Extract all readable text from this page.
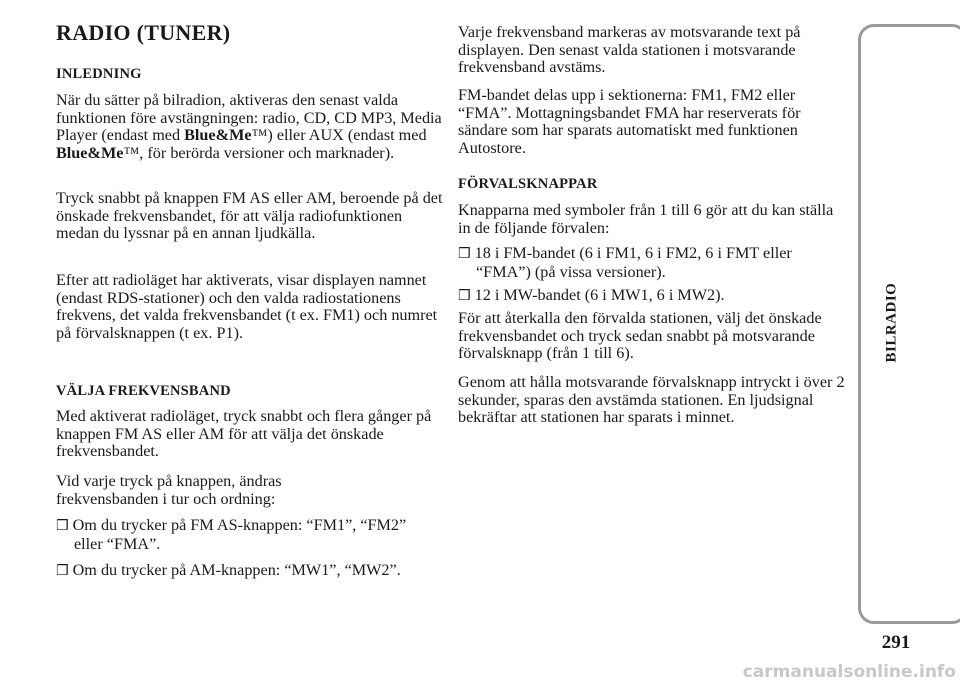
RADIO (TUNER)
INLEDNING

När du sätter på bilradion, aktiveras den senast valda funktionen före avstängningen: radio, CD, CD MP3, Media Player (endast med Blue&Me™) eller AUX (endast med Blue&Me™, för berörda versioner och marknader).

Tryck snabbt på knappen FM AS eller AM, beroende på det önskade frekvensbandet, för att välja radiofunktionen medan du lyssnar på en annan ljudkälla.

Efter att radioläget har aktiverats, visar displayen namnet (endast RDS-stationer) och den valda radiostationens frekvens, det valda frekvensbandet (t ex. FM1) och numret på förvalsknappen (t ex. P1).

VÄLJA FREKVENSBAND

Med aktiverat radioläget, tryck snabbt och flera gånger på knappen FM AS eller AM för att välja det önskade frekvensbandet.

Vid varje tryck på knappen, ändras frekvensbanden i tur och ordning:

❒ Om du trycker på FM AS-knappen: “FM1”, “FM2” eller “FMA”.

❒ Om du trycker på AM-knappen: “MW1”, “MW2”.

Varje frekvensband markeras av motsvarande text på displayen. Den senast valda stationen i motsvarande frekvensband avstäms.

FM-bandet delas upp i sektionerna: FM1, FM2 eller “FMA”. Mottagningsbandet FMA har reserverats för sändare som har sparats automatiskt med funktionen Autostore.

FÖRVALSKNAPPAR

Knapparna med symboler från 1 till 6 gör att du kan ställa in de följande förvalen:

❒ 18 i FM-bandet (6 i FM1, 6 i FM2, 6 i FMT eller “FMA”) (på vissa versioner).

❒ 12 i MW-bandet (6 i MW1, 6 i MW2).

För att återkalla den förvalda stationen, välj det önskade frekvensbandet och tryck sedan snabbt på motsvarande förvalsknapp (från 1 till 6).

Genom att hålla motsvarande förvalsknapp intryckt i över 2 sekunder, sparas den avstämda stationen. En ljudsignal bekräftar att stationen har sparats i minnet.

BILRADIO
291
carmanualsonline.info
